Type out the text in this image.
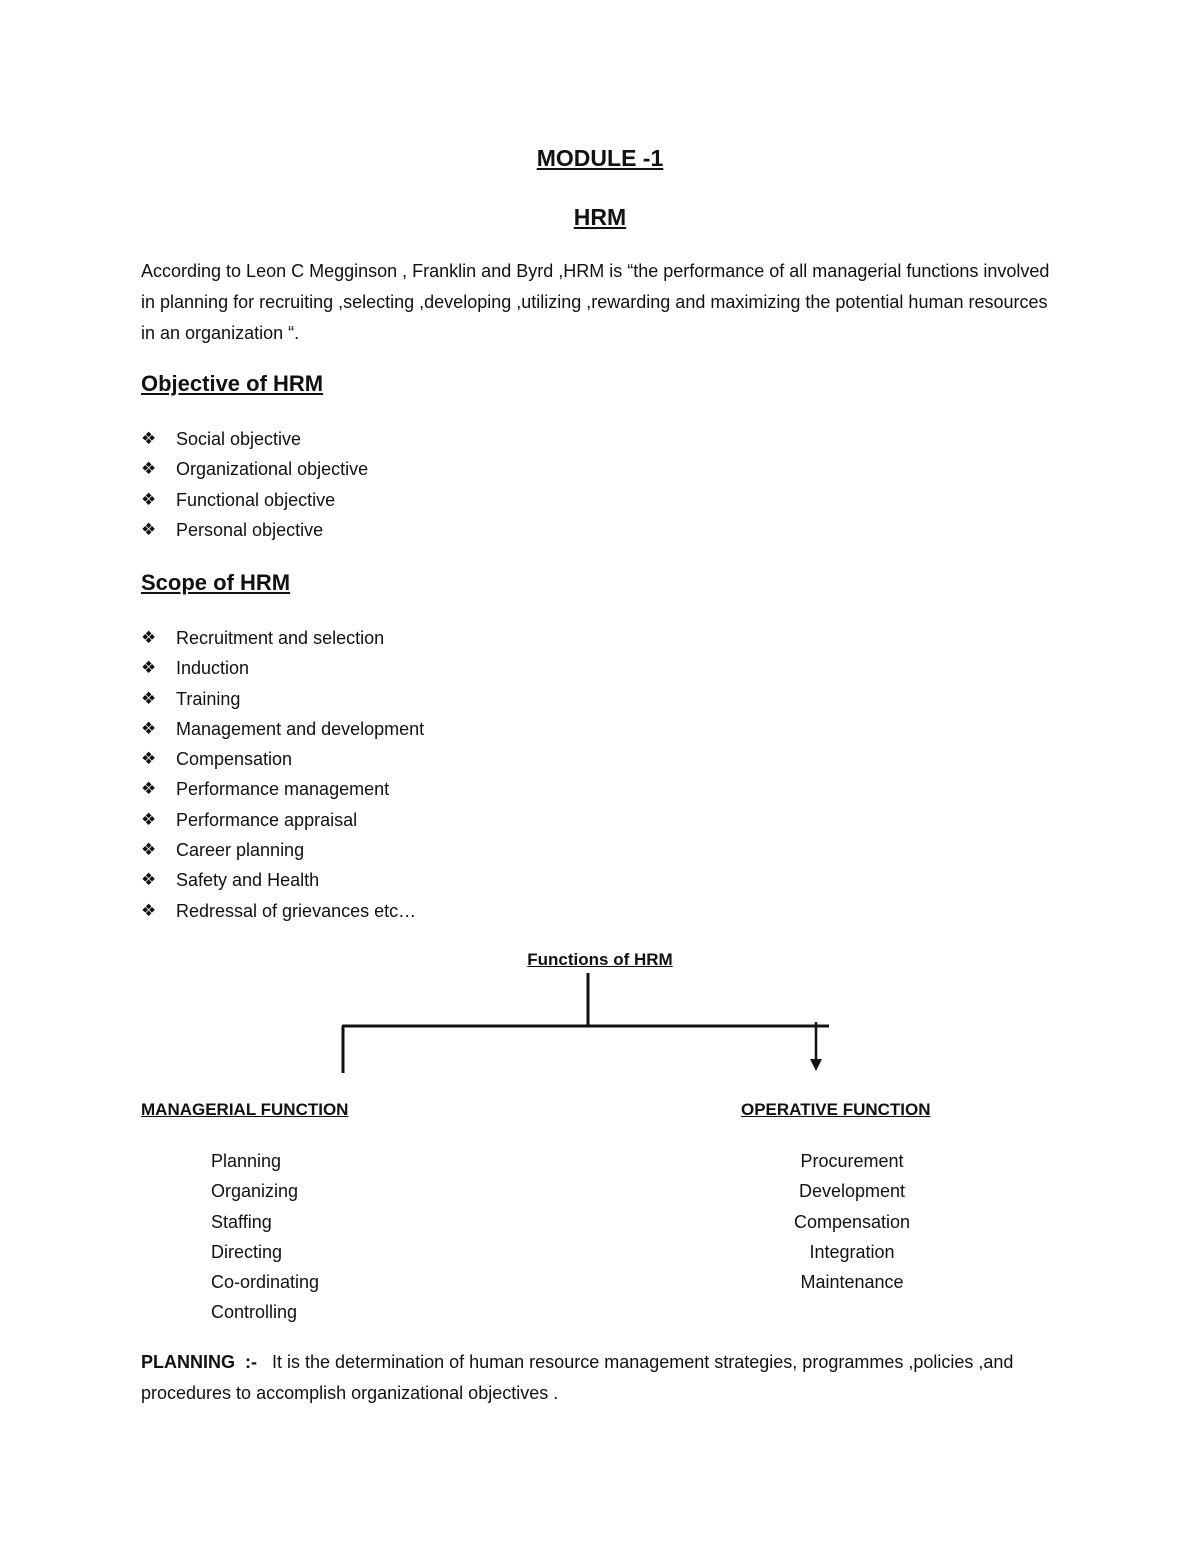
MODULE -1
HRM
According to Leon C Megginson , Franklin and Byrd ,HRM is “the performance of all managerial functions involved in planning for recruiting ,selecting ,developing ,utilizing ,rewarding and maximizing the potential human resources in an organization “.
Objective of HRM
❖	Social objective
❖	Organizational objective
❖	Functional objective
❖	Personal objective
Scope of HRM
❖	Recruitment and selection
❖	Induction
❖	Training
❖	Management and development
❖	Compensation
❖	Performance management
❖	Performance appraisal
❖	Career planning
❖	Safety and Health
❖	Redressal of grievances etc…
Functions of HRM
MANAGERIAL FUNCTION	OPERATIVE FUNCTION
Planning
Organizing
Staffing
Directing
Co-ordinating
Controlling
Procurement
Development
Compensation
Integration
Maintenance
PLANNING :- It is the determination of human resource management strategies, programmes ,policies ,and procedures to accomplish organizational objectives .
